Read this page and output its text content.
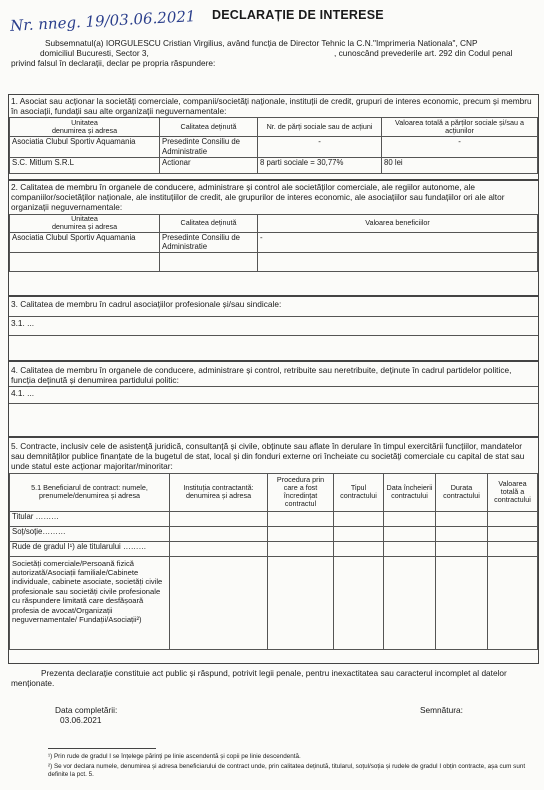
Nr. nneg. 19/03.06.2021 DECLARAȚIE DE INTERESE
Subsemnatul(a) IORGULESCU Cristian Virgilius, având funcția de Director Tehnic la C.N."Imprimeria Nationala", CNP
domiciliul Bucuresti, Sector 3,	, cunoscând prevederile art. 292 din Codul penal
privind falsul în declarații, declar pe propria răspundere:
1. Asociat sau acționar la societăți comerciale, companii/societăți naționale, instituții de credit, grupuri de interes economic, precum și membru în asociații, fundații sau alte organizații neguvernamentale:
Unitatea
denumirea și adresa	Calitatea deținută	Nr. de părți sociale sau de acțiuni	Valoarea totală a părților sociale și/sau a acțiunilor
Asociatia Clubul Sportiv Aquamania	Presedinte Consiliu de Administratie	-	-
S.C. Mitlum S.R.L	Actionar	8 parti sociale = 30,77%	80 lei
2. Calitatea de membru în organele de conducere, administrare și control ale societăților comerciale, ale regiilor autonome, ale companiilor/societăților naționale, ale instituțiilor de credit, ale grupurilor de interes economic, ale asociațiilor sau fundațiilor ori ale altor organizații neguvernamentale:
Unitatea
denumirea și adresa	Calitatea deținută	Valoarea beneficiilor
Asociatia Clubul Sportiv Aquamania	Presedinte Consiliu de Administratie	-

3. Calitatea de membru în cadrul asociațiilor profesionale și/sau sindicale:
3.1. ...
4. Calitatea de membru în organele de conducere, administrare și control, retribuite sau neretribuite, deținute în cadrul partidelor politice, funcția deținută și denumirea partidului politic:
4.1. ...
5. Contracte, inclusiv cele de asistență juridică, consultanță și civile, obținute sau aflate în derulare în timpul exercitării funcțiilor, mandatelor sau demnităților publice finanțate de la bugetul de stat, local și din fonduri externe ori încheiate cu societăți comerciale cu capital de stat sau unde statul este acționar majoritar/minoritar:
5.1 Beneficiarul de contract: numele, prenumele/denumirea și adresa	Instituția contractantă: denumirea și adresa	Procedura prin care a fost încredințat contractul	Tipul contractului	Data încheierii contractului	Durata contractului	Valoarea totală a contractului
Titular ………						
Soț/soție………						
Rude de gradul I¹) ale titularului ………						
Societăți comerciale/Persoană fizică autorizată/Asociații familiale/Cabinete individuale, cabinete asociate, societăți civile profesionale sau societăți civile profesionale cu răspundere limitată care desfășoară profesia de avocat/Organizații neguvernamentale/ Fundații/Asociații²)						
Prezenta declarație constituie act public și răspund, potrivit legii penale, pentru inexactitatea sau caracterul incomplet al datelor menționate.
Data completării:
03.06.2021
Semnătura:
¹) Prin rude de gradul I se înțelege părinți pe linie ascendentă și copii pe linie descendentă.
²) Se vor declara numele, denumirea și adresa beneficiarului de contract unde, prin calitatea deținută, titularul, soțul/soția și rudele de gradul I obțin contracte, așa cum sunt definite la pct. 5.
